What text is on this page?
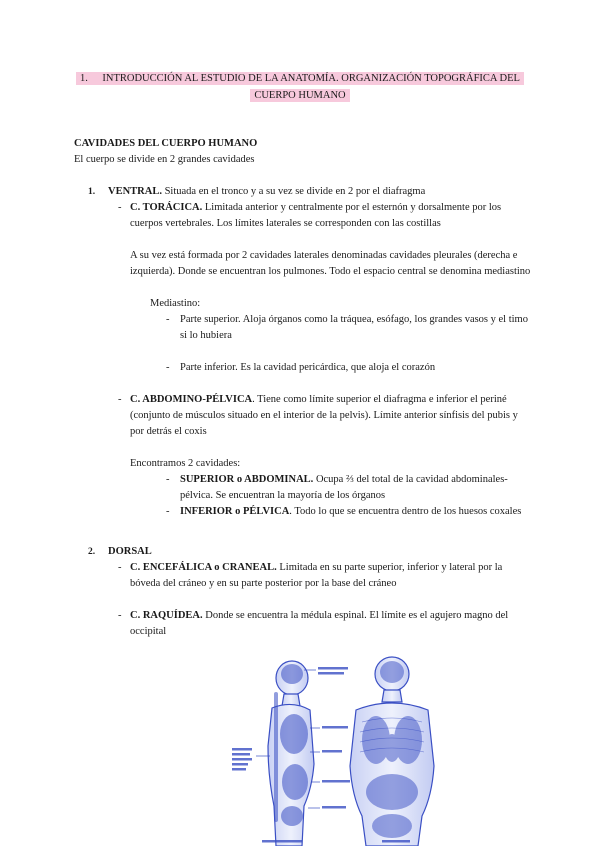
1. INTRODUCCIÓN AL ESTUDIO DE LA ANATOMÍA. ORGANIZACIÓN TOPOGRÁFICA DEL CUERPO HUMANO

CAVIDADES DEL CUERPO HUMANO

El cuerpo se divide en 2 grandes cavidades

1. VENTRAL. Situada en el tronco y a su vez se divide en 2 por el diafragma

- C. TORÁCICA. Limitada anterior y centralmente por el esternón y dorsalmente por los cuerpos vertebrales. Los límites laterales se corresponden con las costillas

A su vez está formada por 2 cavidades laterales denominadas cavidades pleurales (derecha e izquierda). Donde se encuentran los pulmones. Todo el espacio central se denomina mediastino

Mediastino:

- Parte superior. Aloja órganos como la tráquea, esófago, los grandes vasos y el timo si lo hubiera

- Parte inferior. Es la cavidad pericárdica, que aloja el corazón

- C. ABDOMINO-PÉLVICA. Tiene como límite superior el diafragma e inferior el periné (conjunto de músculos situado en el interior de la pelvis). Límite anterior sínfisis del pubis y por detrás el coxis

Encontramos 2 cavidades:

- SUPERIOR o ABDOMINAL. Ocupa ⅔ del total de la cavidad abdominales-pélvica. Se encuentran la mayoría de los órganos

- INFERIOR o PÉLVICA. Todo lo que se encuentra dentro de los huesos coxales

2. DORSAL

- C. ENCEFÁLICA o CRANEAL. Limitada en su parte superior, inferior y lateral por la bóveda del cráneo y en su parte posterior por la base del cráneo

- C. RAQUÍDEA. Donde se encuentra la médula espinal. El límite es el agujero magno del occipital
